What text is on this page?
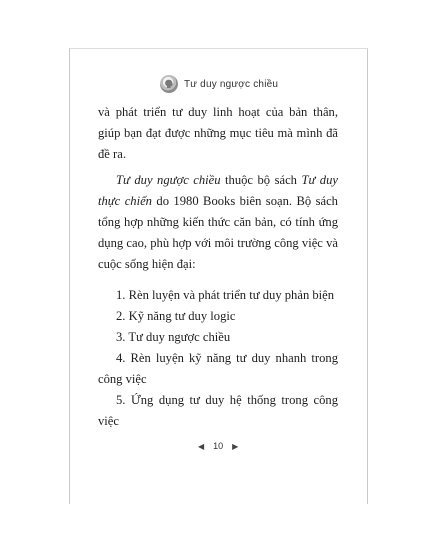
Tư duy ngược chiều

và phát triển tư duy linh hoạt của bản thân, giúp bạn đạt được những mục tiêu mà mình đã đề ra.

Tư duy ngược chiều thuộc bộ sách Tư duy thực chiến do 1980 Books biên soạn. Bộ sách tổng hợp những kiến thức căn bản, có tính ứng dụng cao, phù hợp với môi trường công việc và cuộc sống hiện đại:

1. Rèn luyện và phát triển tư duy phản biện

2. Kỹ năng tư duy logic

3. Tư duy ngược chiều

4. Rèn luyện kỹ năng tư duy nhanh trong công việc

5. Ứng dụng tư duy hệ thống trong công việc

◀ 10 ▶
